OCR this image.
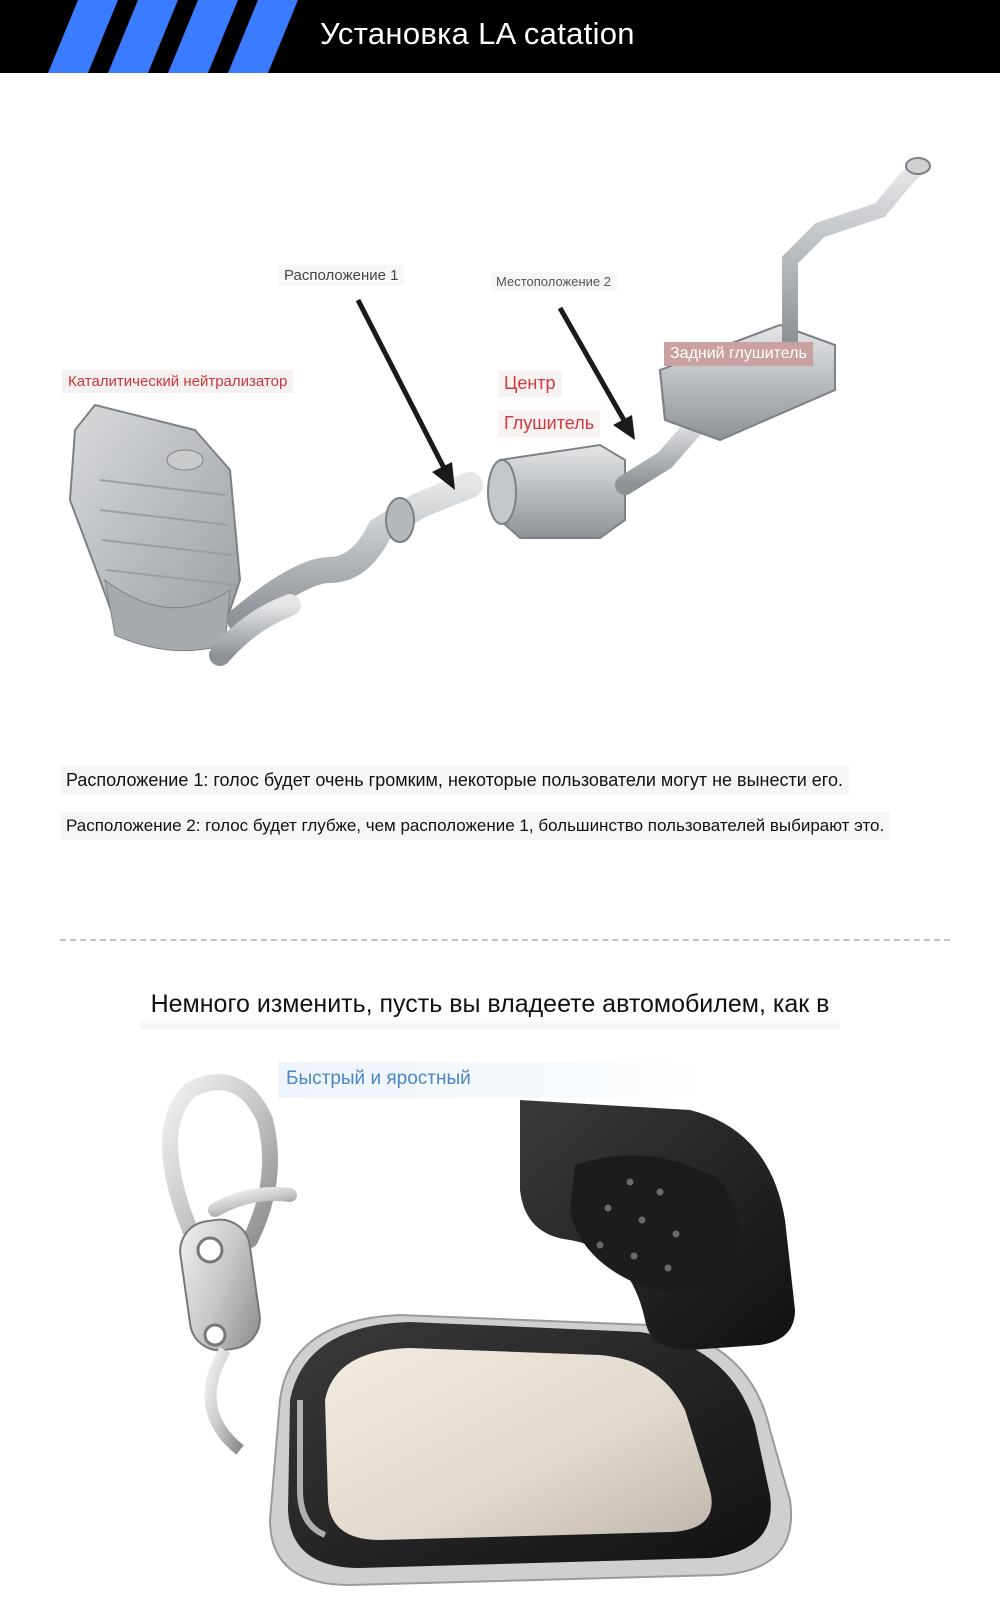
Установка LA catation
Расположение 1	Местоположение 2
Каталитический нейтрализатор	Центр
Глушитель
Задний глушитель
Расположение 1: голос будет очень громким, некоторые пользователи могут не вынести его.
Расположение 2: голос будет глубже, чем расположение 1, большинство пользователей выбирают это.
Немного изменить, пусть вы владеете автомобилем, как в
Быстрый и яростный
